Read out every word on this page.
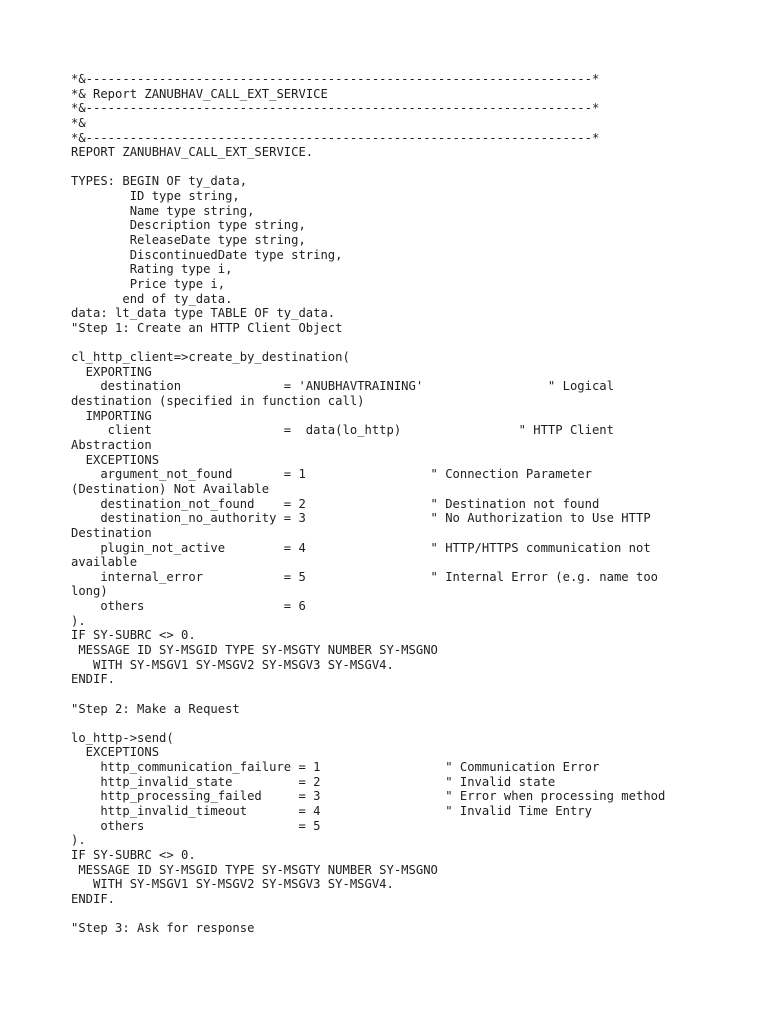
*&---------------------------------------------------------------------*
*& Report ZANUBHAV_CALL_EXT_SERVICE
*&---------------------------------------------------------------------*
*&
*&---------------------------------------------------------------------*
REPORT ZANUBHAV_CALL_EXT_SERVICE.
TYPES: BEGIN OF ty_data,
ID type string,
Name type string,
Description type string,
ReleaseDate type string,
DiscontinuedDate type string,
Rating type i,
Price type i,
end of ty_data.
data: lt_data type TABLE OF ty_data.
"Step 1: Create an HTTP Client Object
cl_http_client=>create_by_destination(
EXPORTING
destination              = 'ANUBHAVTRAINING'                 " Logical
destination (specified in function call)
IMPORTING
client                  =  data(lo_http)                " HTTP Client
Abstraction
EXCEPTIONS
argument_not_found       = 1                 " Connection Parameter
(Destination) Not Available
destination_not_found    = 2                 " Destination not found
destination_no_authority = 3                 " No Authorization to Use HTTP
Destination
plugin_not_active        = 4                 " HTTP/HTTPS communication not
available
internal_error           = 5                 " Internal Error (e.g. name too
long)
others                   = 6
).
IF SY-SUBRC <> 0.
MESSAGE ID SY-MSGID TYPE SY-MSGTY NUMBER SY-MSGNO
WITH SY-MSGV1 SY-MSGV2 SY-MSGV3 SY-MSGV4.
ENDIF.
"Step 2: Make a Request
lo_http->send(
EXCEPTIONS
http_communication_failure = 1                 " Communication Error
http_invalid_state         = 2                 " Invalid state
http_processing_failed     = 3                 " Error when processing method
http_invalid_timeout       = 4                 " Invalid Time Entry
others                     = 5
).
IF SY-SUBRC <> 0.
MESSAGE ID SY-MSGID TYPE SY-MSGTY NUMBER SY-MSGNO
WITH SY-MSGV1 SY-MSGV2 SY-MSGV3 SY-MSGV4.
ENDIF.
"Step 3: Ask for response
